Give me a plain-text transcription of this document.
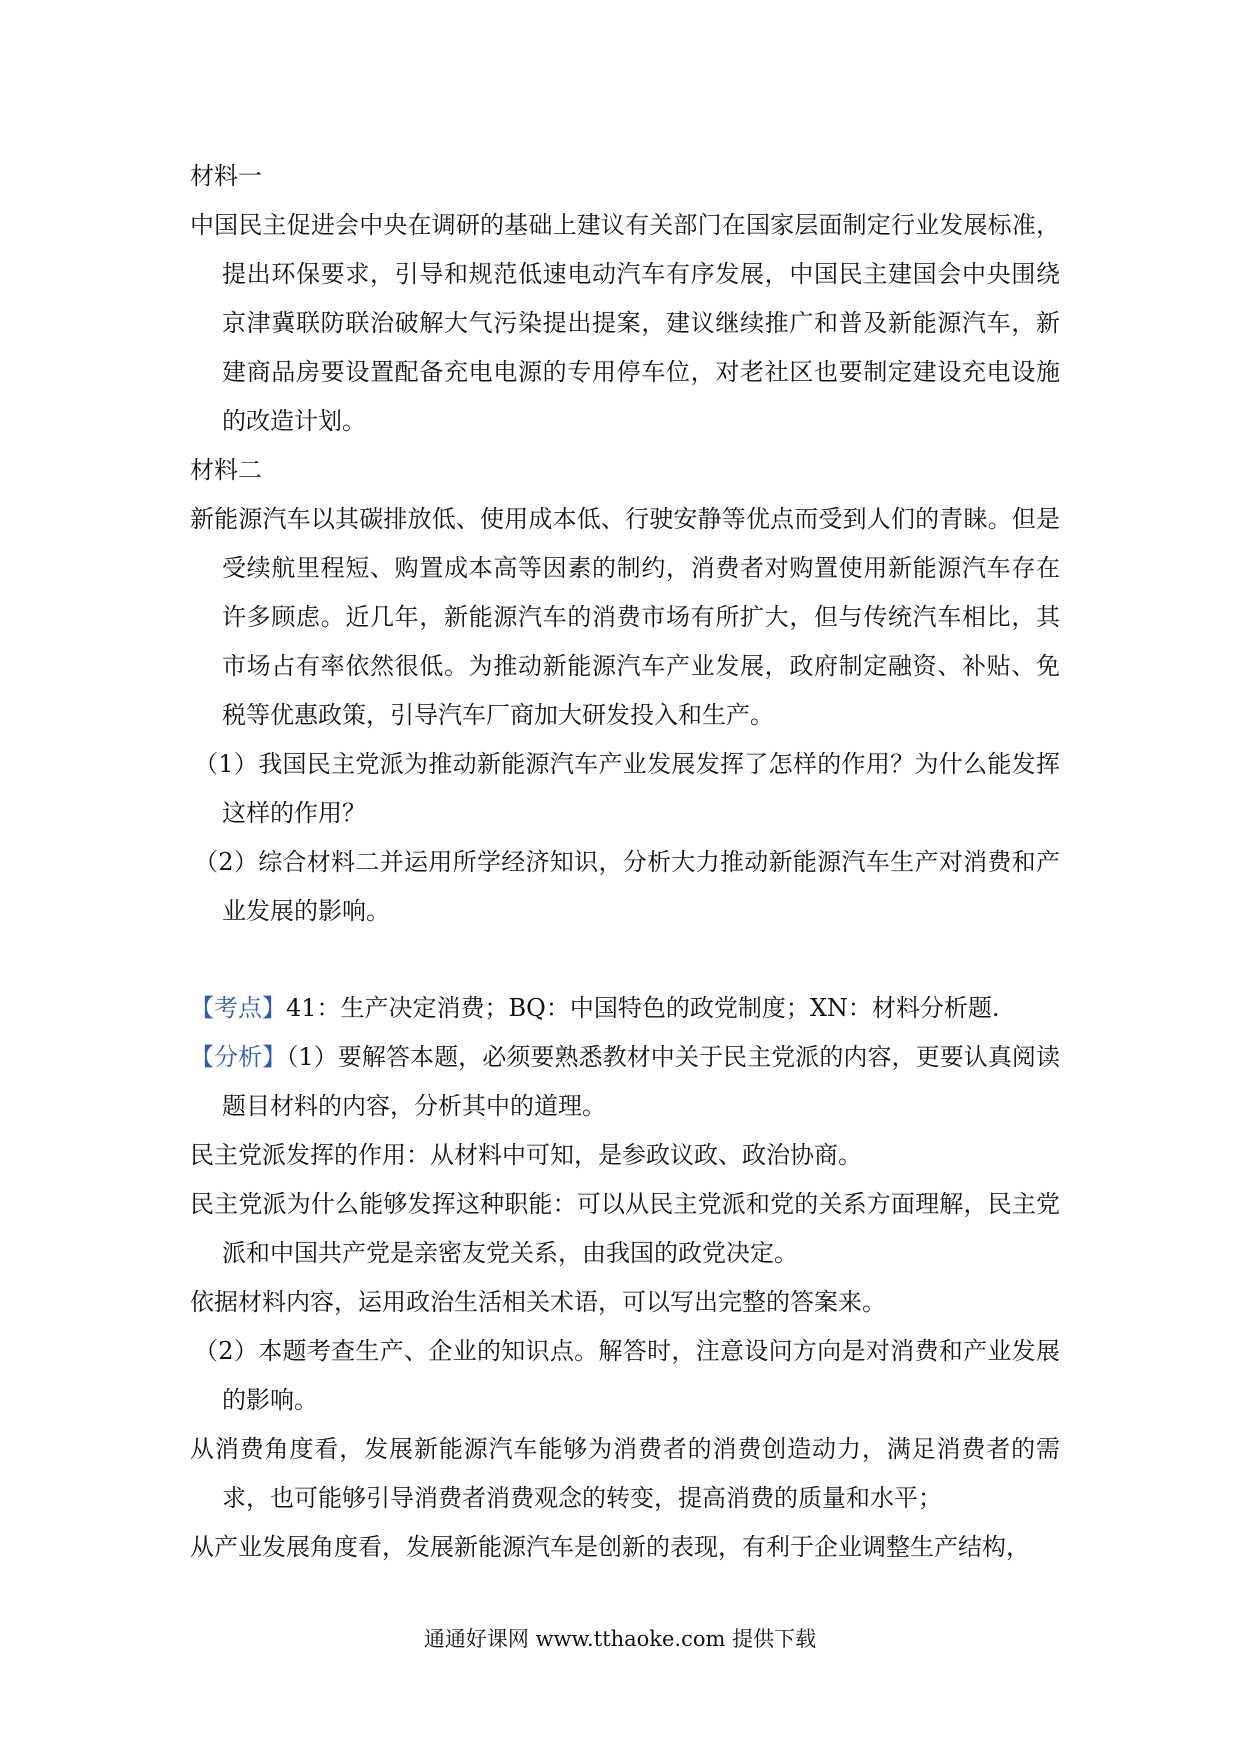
材料一

中国民主促进会中央在调研的基础上建议有关部门在国家层面制定行业发展标准，提出环保要求，引导和规范低速电动汽车有序发展，中国民主建国会中央围绕京津冀联防联治破解大气污染提出提案，建议继续推广和普及新能源汽车，新建商品房要设置配备充电电源的专用停车位，对老社区也要制定建设充电设施的改造计划。

材料二

新能源汽车以其碳排放低、使用成本低、行驶安静等优点而受到人们的青睐。但是受续航里程短、购置成本高等因素的制约，消费者对购置使用新能源汽车存在许多顾虑。近几年，新能源汽车的消费市场有所扩大，但与传统汽车相比，其市场占有率依然很低。为推动新能源汽车产业发展，政府制定融资、补贴、免税等优惠政策，引导汽车厂商加大研发投入和生产。

（1）我国民主党派为推动新能源汽车产业发展发挥了怎样的作用？为什么能发挥这样的作用？

（2）综合材料二并运用所学经济知识，分析大力推动新能源汽车生产对消费和产业发展的影响。

【考点】41：生产决定消费；BQ：中国特色的政党制度；XN：材料分析题.

【分析】（1）要解答本题，必须要熟悉教材中关于民主党派的内容，更要认真阅读题目材料的内容，分析其中的道理。

民主党派发挥的作用：从材料中可知，是参政议政、政治协商。

民主党派为什么能够发挥这种职能：可以从民主党派和党的关系方面理解，民主党派和中国共产党是亲密友党关系，由我国的政党决定。

依据材料内容，运用政治生活相关术语，可以写出完整的答案来。

（2）本题考查生产、企业的知识点。解答时，注意设问方向是对消费和产业发展的影响。

从消费角度看，发展新能源汽车能够为消费者的消费创造动力，满足消费者的需求，也可能够引导消费者消费观念的转变，提高消费的质量和水平；

从产业发展角度看，发展新能源汽车是创新的表现，有利于企业调整生产结构，

通通好课网 www.tthaoke.com 提供下载
